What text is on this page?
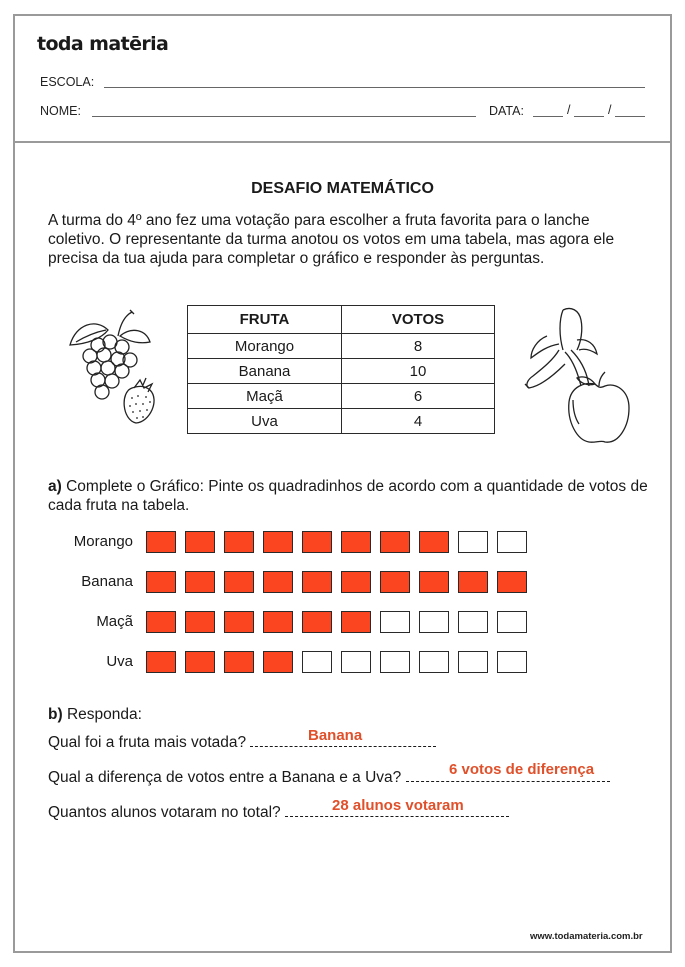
toda matēria
ESCOLA:
NOME:	DATA:	/	/
DESAFIO MATEMÁTICO
A turma do 4º ano fez uma votação para escolher a fruta favorita para o lanche coletivo. O representante da turma anotou os votos em uma tabela, mas agora ele precisa da tua ajuda para completar o gráfico e responder às perguntas.
FRUTA	VOTOS
Morango	8
Banana	10
Maçã	6
Uva	4
a) Complete o Gráfico: Pinte os quadradinhos de acordo com a quantidade de votos de cada fruta na tabela.
Morango
Banana
Maçã
Uva
b) Responda:
Qual foi a fruta mais votada?	Banana
Qual a diferença de votos entre a Banana e a Uva?	6 votos de diferença
Quantos alunos votaram no total?	28 alunos votaram
www.todamateria.com.br
